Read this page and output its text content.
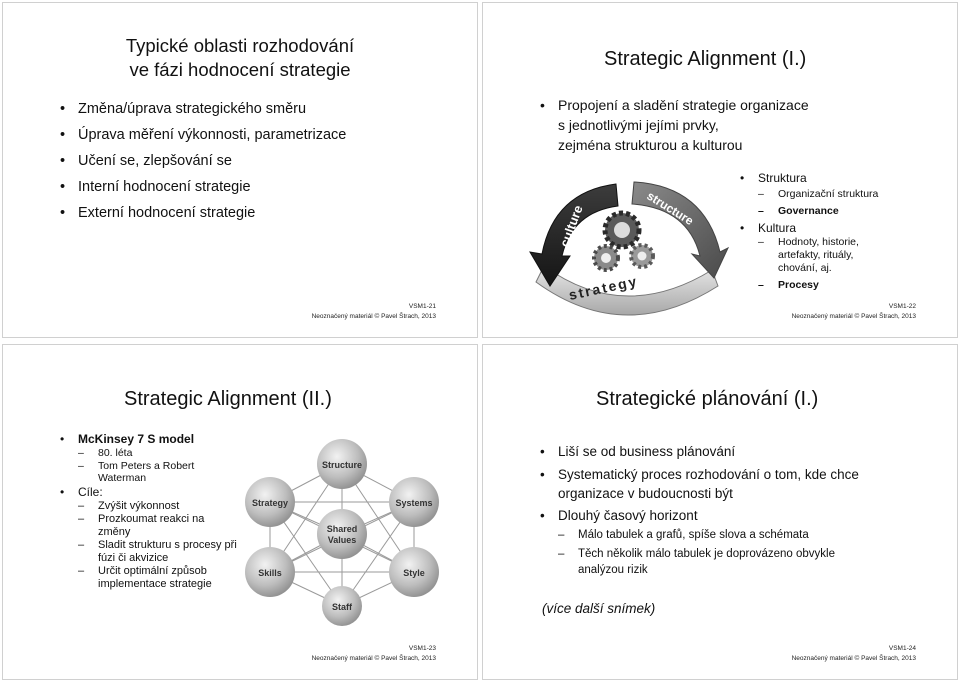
Typické oblasti rozhodování
ve fázi hodnocení strategie
• Změna/úprava strategického směru
• Úprava měření výkonnosti, parametrizace
• Učení se, zlepšování se
• Interní hodnocení strategie
• Externí hodnocení strategie
VSM1-21
Neoznačený materiál © Pavel Štrach, 2013
Strategic Alignment (I.)
• Propojení a sladění strategie organizace
s jednotlivými jejími prvky,
zejména strukturou a kulturou
culture	structure
strategy
• Struktura
– Organizační struktura
– Governance
• Kultura
– Hodnoty, historie,
artefakty, rituály,
chování, aj.
– Procesy
VSM1-22
Neoznačený materiál © Pavel Štrach, 2013
Strategic Alignment (II.)
• McKinsey 7 S model
– 80. léta
– Tom Peters a Robert Waterman
• Cíle:
– Zvýšit výkonnost
– Prozkoumat reakci na změny
– Sladit strukturu s procesy při fúzi či akvizice
– Určit optimální způsob implementace strategie
Structure
Strategy	Systems
Shared
Values
Skills	Style
Staff
VSM1-23
Neoznačený materiál © Pavel Štrach, 2013
Strategické plánování (I.)
• Liší se od business plánování
• Systematický proces rozhodování o tom, kde chce
organizace v budoucnosti být
• Dlouhý časový horizont
– Málo tabulek a grafů, spíše slova a schémata
– Těch několik málo tabulek je doprovázeno obvykle
analýzou rizik
(více další snímek)
VSM1-24
Neoznačený materiál © Pavel Štrach, 2013
